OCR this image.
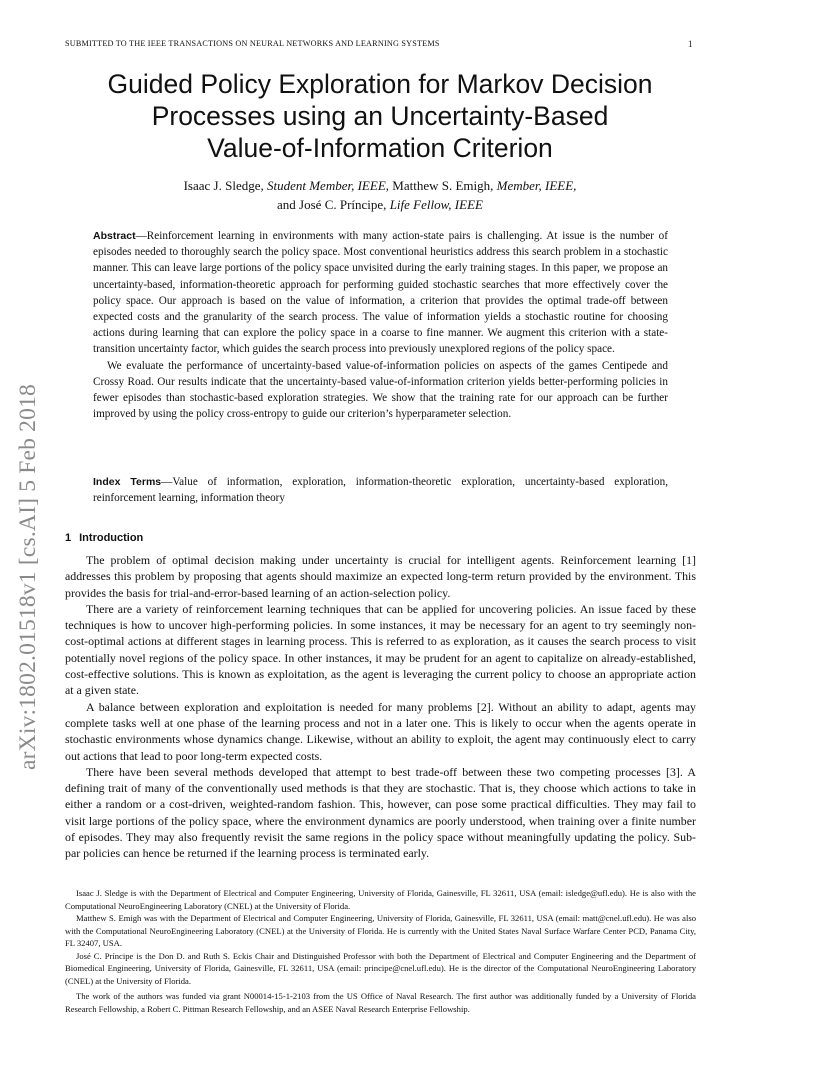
SUBMITTED TO THE IEEE TRANSACTIONS ON NEURAL NETWORKS AND LEARNING SYSTEMS	1
arXiv:1802.01518v1 [cs.AI] 5 Feb 2018
Guided Policy Exploration for Markov Decision
Processes using an Uncertainty-Based
Value-of-Information Criterion
Isaac J. Sledge, Student Member, IEEE, Matthew S. Emigh, Member, IEEE,
and José C. Príncipe, Life Fellow, IEEE

Abstract—Reinforcement learning in environments with many action-state pairs is challenging. At issue is the number of episodes needed to thoroughly search the policy space. Most conventional heuristics address this search problem in a stochastic manner. This can leave large portions of the policy space unvisited during the early training stages. In this paper, we propose an uncertainty-based, information-theoretic approach for performing guided stochastic searches that more effectively cover the policy space. Our approach is based on the value of information, a criterion that provides the optimal trade-off between expected costs and the granularity of the search process. The value of information yields a stochastic routine for choosing actions during learning that can explore the policy space in a coarse to fine manner. We augment this criterion with a state-transition uncertainty factor, which guides the search process into previously unexplored regions of the policy space.

We evaluate the performance of uncertainty-based value-of-information policies on aspects of the games Centipede and Crossy Road. Our results indicate that the uncertainty-based value-of-information criterion yields better-performing policies in fewer episodes than stochastic-based exploration strategies. We show that the training rate for our approach can be further improved by using the policy cross-entropy to guide our criterion’s hyperparameter selection.

Index Terms—Value of information, exploration, information-theoretic exploration, uncertainty-based exploration, reinforcement learning, information theory
1 Introduction

The problem of optimal decision making under uncertainty is crucial for intelligent agents. Reinforcement learning [1] addresses this problem by proposing that agents should maximize an expected long-term return provided by the environment. This provides the basis for trial-and-error-based learning of an action-selection policy.

There are a variety of reinforcement learning techniques that can be applied for uncovering policies. An issue faced by these techniques is how to uncover high-performing policies. In some instances, it may be necessary for an agent to try seemingly non-cost-optimal actions at different stages in learning process. This is referred to as exploration, as it causes the search process to visit potentially novel regions of the policy space. In other instances, it may be prudent for an agent to capitalize on already-established, cost-effective solutions. This is known as exploitation, as the agent is leveraging the current policy to choose an appropriate action at a given state.

A balance between exploration and exploitation is needed for many problems [2]. Without an ability to adapt, agents may complete tasks well at one phase of the learning process and not in a later one. This is likely to occur when the agents operate in stochastic environments whose dynamics change. Likewise, without an ability to exploit, the agent may continuously elect to carry out actions that lead to poor long-term expected costs.

There have been several methods developed that attempt to best trade-off between these two competing processes [3]. A defining trait of many of the conventionally used methods is that they are stochastic. That is, they choose which actions to take in either a random or a cost-driven, weighted-random fashion. This, however, can pose some practical difficulties. They may fail to visit large portions of the policy space, where the environment dynamics are poorly understood, when training over a finite number of episodes. They may also frequently revisit the same regions in the policy space without meaningfully updating the policy. Sub-par policies can hence be returned if the learning process is terminated early.

Isaac J. Sledge is with the Department of Electrical and Computer Engineering, University of Florida, Gainesville, FL 32611, USA (email: isledge@ufl.edu). He is also with the Computational NeuroEngineering Laboratory (CNEL) at the University of Florida.

Matthew S. Emigh was with the Department of Electrical and Computer Engineering, University of Florida, Gainesville, FL 32611, USA (email: matt@cnel.ufl.edu). He was also with the Computational NeuroEngineering Laboratory (CNEL) at the University of Florida. He is currently with the United States Naval Surface Warfare Center PCD, Panama City, FL 32407, USA.

José C. Príncipe is the Don D. and Ruth S. Eckis Chair and Distinguished Professor with both the Department of Electrical and Computer Engineering and the Department of Biomedical Engineering, University of Florida, Gainesville, FL 32611, USA (email: principe@cnel.ufl.edu). He is the director of the Computational NeuroEngineering Laboratory (CNEL) at the University of Florida.

The work of the authors was funded via grant N00014-15-1-2103 from the US Office of Naval Research. The first author was additionally funded by a University of Florida Research Fellowship, a Robert C. Pittman Research Fellowship, and an ASEE Naval Research Enterprise Fellowship.
